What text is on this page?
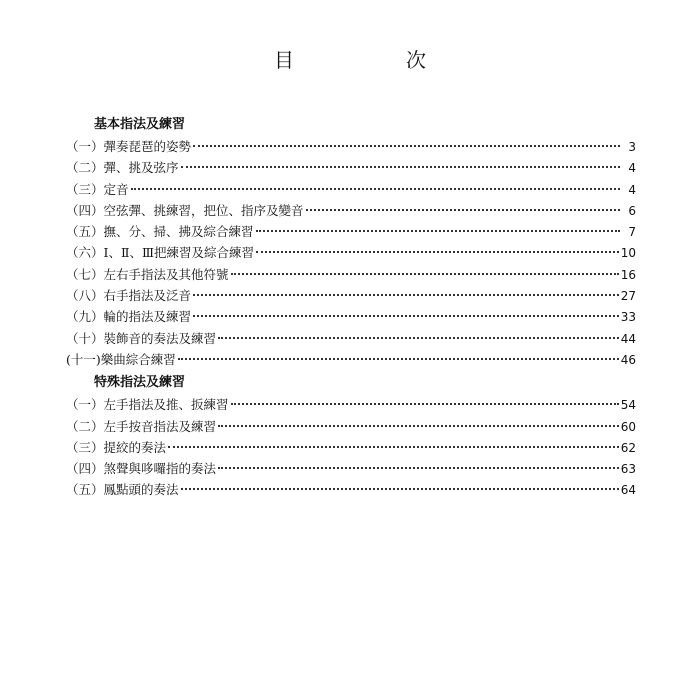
目　次
基本指法及練習
（一） 彈奏琵琶的姿勢	3
（二） 彈、挑及弦序	4
（三） 定音	4
（四） 空弦彈、挑練習，把位、指序及變音	6
（五） 撫、分、掃、拂及綜合練習	7
（六） Ⅰ、Ⅱ、Ⅲ把練習及綜合練習	10
（七） 左右手指法及其他符號	16
（八） 右手指法及泛音	27
（九） 輪的指法及練習	33
（十） 裝飾音的奏法及練習	44
(十一) 樂曲綜合練習	46
特殊指法及練習
（一） 左手指法及推、扳練習	54
（二） 左手按音指法及練習	60
（三） 提絞的奏法	62
（四） 煞聲與哆囉指的奏法	63
（五） 鳳點頭的奏法	64
